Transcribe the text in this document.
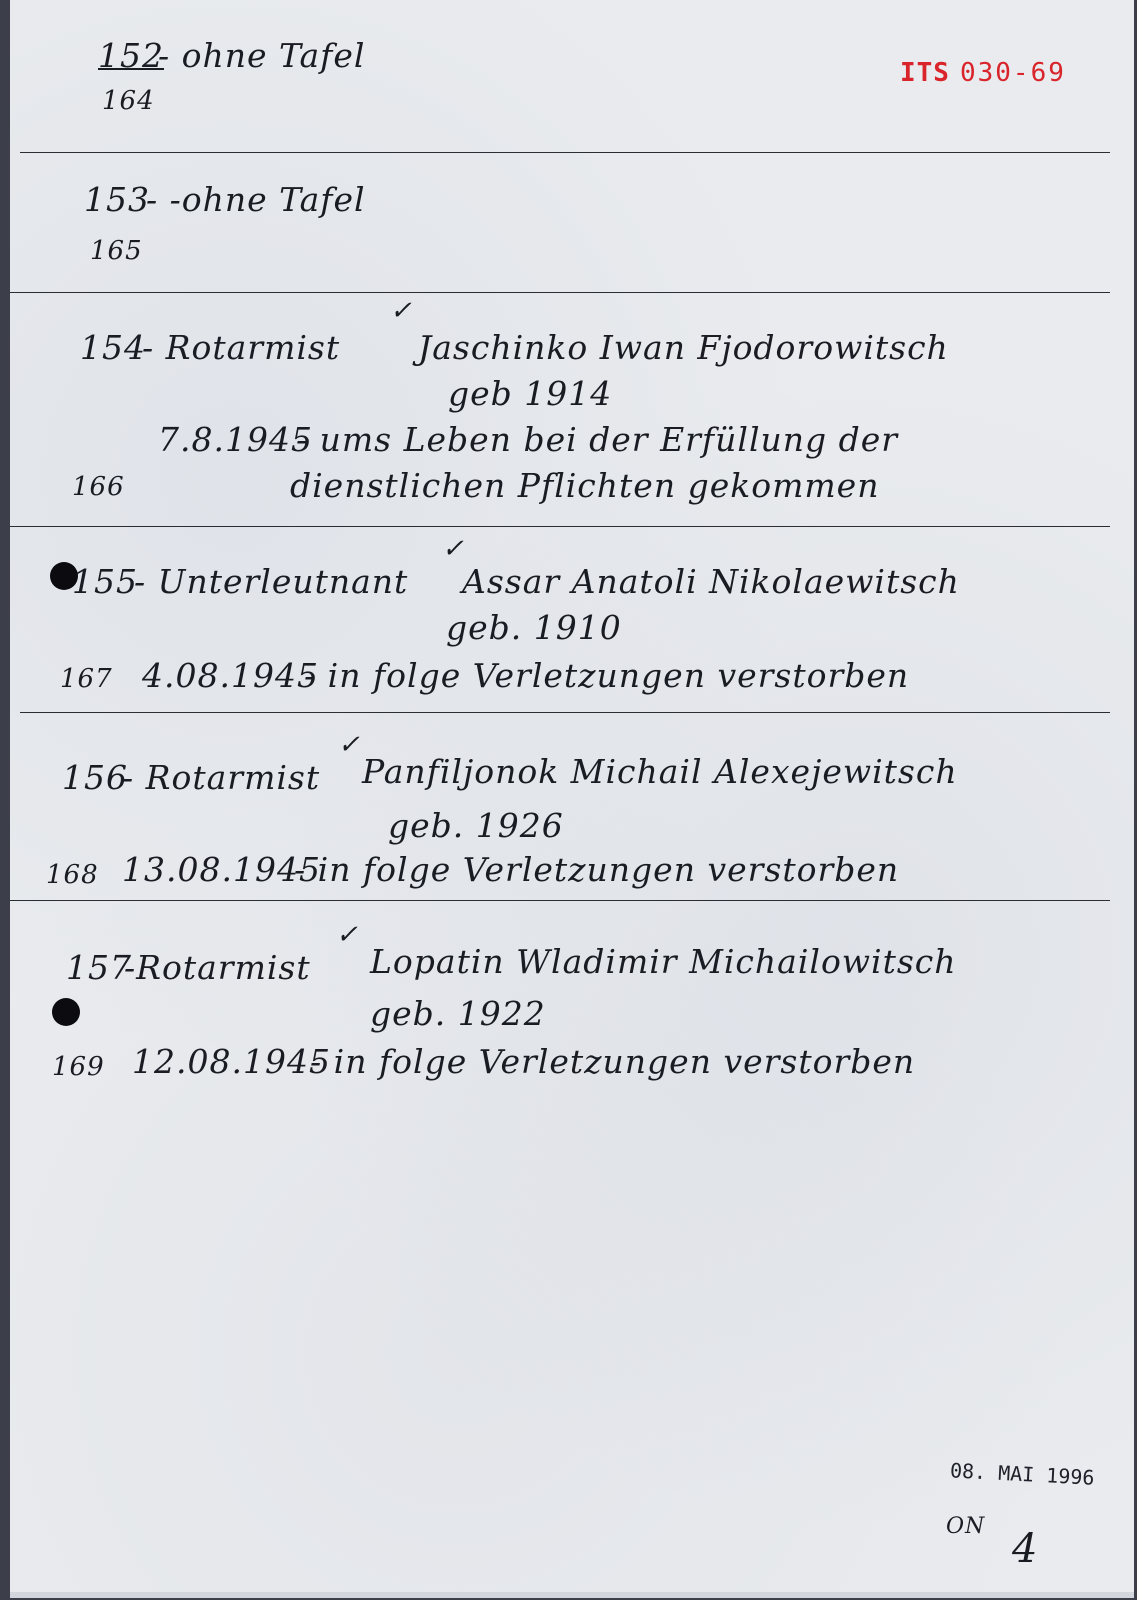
ITS 030-69
152
- ohne Tafel
164
153
- -ohne Tafel
165
154
- Rotarmist
✓
Jaschinko Iwan Fjodorowitsch
geb 1914
7.8.1945
- ums Leben bei der Erfüllung der
166	dienstlichen Pflichten gekommen
155
- Unterleutnant
✓
Assar Anatoli Nikolaewitsch
geb. 1910
167 4.08.1945
- in folge Verletzungen verstorben
156
- Rotarmist
✓
Panfiljonok Michail Alexejewitsch
geb. 1926
168 13.08.1945
- in folge Verletzungen verstorben
157
-Rotarmist
✓
Lopatin Wladimir Michailowitsch
geb. 1922
169 12.08.1945
- in folge Verletzungen verstorben
08. MAI 1996
ON 4
